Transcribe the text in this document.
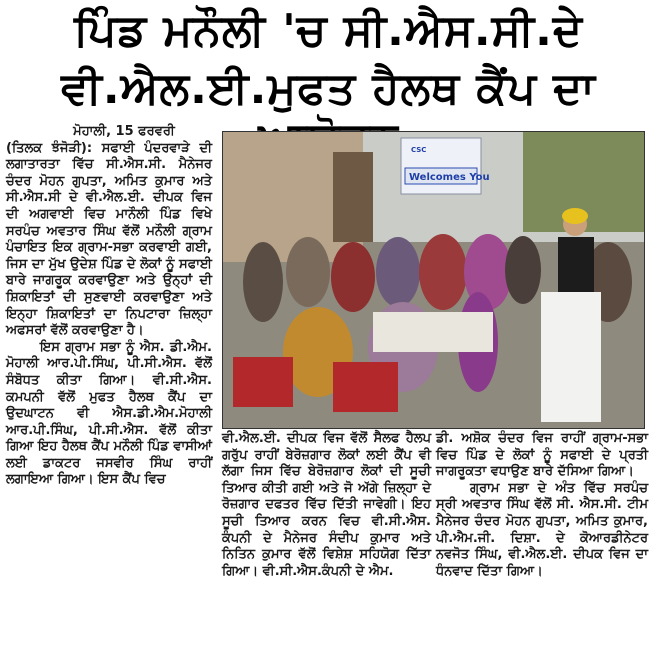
ਪਿੰਡ ਮਨੌਲੀ 'ਚ ਸੀ.ਐਸ.ਸੀ.ਦੇ
ਵੀ.ਐਲ.ਈ.ਮੁਫਤ ਹੈਲਥ ਕੈਂਪ ਦਾ

ਮੋਹਾਲੀ, 15 ਫਰਵਰੀ

(ਤਿਲਕ ਝੰਜੋੜੀ): ਸਫਾਈ ਪੰਦਰਵਾੜੇ ਦੀ ਲਗਾਤਾਰਤਾ ਵਿੱਚ ਸੀ.ਐਸ.ਸੀ. ਮੈਨੇਜਰ ਚੰਦਰ ਮੋਹਨ ਗੁਪਤਾ, ਅਮਿਤ ਕੁਮਾਰ ਅਤੇ ਸੀ.ਐਸ.ਸੀ ਦੇ ਵੀ.ਐਲ.ਈ. ਦੀਪਕ ਵਿਜ ਦੀ ਅਗਵਾਈ ਵਿਚ ਮਾਨੌਲੀ ਪਿੰਡ ਵਿਖੇ ਸਰਪੰਚ ਅਵਤਾਰ ਸਿੰਘ ਵੱਲੋਂ ਮਨੌਲੀ ਗ੍ਰਾਮ ਪੰਚਾਇਤ ਇਕ ਗ੍ਰਾਮ-ਸਭਾ ਕਰਵਾਈ ਗਈ, ਜਿਸ ਦਾ ਮੁੱਖ ਉਦੇਸ਼ ਪਿੰਡ ਦੇ ਲੋਕਾਂ ਨੂੰ ਸਫਾਈ ਬਾਰੇ ਜਾਗਰੂਕ ਕਰਵਾਉਣਾ ਅਤੇ ਉਨ੍ਹਾਂ ਦੀ ਸ਼ਿਕਾਇਤਾਂ ਦੀ ਸੁਣਵਾਈ ਕਰਵਾਉਣਾ ਅਤੇ ਇਨ੍ਹਾ ਸ਼ਿਕਾਇਤਾਂ ਦਾ ਨਿਪਟਾਰਾ ਜ਼ਿਲ੍ਹਾ ਅਫਸਰਾਂ ਵੱਲੋਂ ਕਰਵਾਉਣਾ ਹੈ।

ਇਸ ਗ੍ਰਾਮ ਸਭਾ ਨੂੰ ਐਸ. ਡੀ.ਐਮ. ਮੋਹਾਲੀ ਆਰ.ਪੀ.ਸਿੰਘ, ਪੀ.ਸੀ.ਐਸ. ਵੱਲੋਂ ਸੰਬੋਧਤ ਕੀਤਾ ਗਿਆ। ਵੀ.ਸੀ.ਐਸ. ਕਮਪਨੀ ਵੱਲੋਂ ਮੁਫਤ ਹੈਲਥ ਕੈਂਪ ਦਾ ਉਦਘਾਟਨ ਵੀ ਐਸ.ਡੀ.ਐਮ.ਮੋਹਾਲੀ ਆਰ.ਪੀ.ਸਿੰਘ, ਪੀ.ਸੀ.ਐਸ. ਵੱਲੋਂ ਕੀਤਾ ਗਿਆ ਇਹ ਹੈਲਥ ਕੈਂਪ ਮਨੌਲੀ ਪਿੰਡ ਵਾਸੀਆਂ ਲਈ ਡਾਕਟਰ ਜਸਵੀਰ ਸਿੰਘ ਰਾਹੀਂ ਲਗਾਇਆ ਗਿਆ। ਇਸ ਕੈਂਪ ਵਿਚ

CSC
Welcomes You

ਵੀ.ਐਲ.ਈ. ਦੀਪਕ ਵਿਜ ਵੱਲੋਂ ਸੈਲਫ ਹੈਲਪ ਗਰੁੱਪ ਰਾਹੀਂ ਬੇਰੋਜ਼ਗਾਰ ਲੋਕਾਂ ਲਈ ਕੈਂਪ ਵੀ ਲੱਗਾ ਜਿਸ ਵਿੱਚ ਬੇਰੋਜ਼ਗਾਰ ਲੋਕਾਂ ਦੀ ਸੂਚੀ ਤਿਆਰ ਕੀਤੀ ਗਈ ਅਤੇ ਜੋ ਅੱਗੇ ਜ਼ਿਲ੍ਹਾ ਦੇ ਰੋਜ਼ਗਾਰ ਦਫਤਰ ਵਿੱਚ ਦਿੱਤੀ ਜਾਵੇਗੀ। ਇਹ ਸੂਚੀ ਤਿਆਰ ਕਰਨ ਵਿਚ ਵੀ.ਸੀ.ਐਸ. ਕੰਪਨੀ ਦੇ ਮੈਨੇਜਰ ਸੰਦੀਪ ਕੁਮਾਰ ਅਤੇ ਨਿਤਿਨ ਕੁਮਾਰ ਵੱਲੋਂ ਵਿਸ਼ੇਸ਼ ਸਹਿਯੋਗ ਦਿੱਤਾ ਗਿਆ। ਵੀ.ਸੀ.ਐਸ.ਕੰਪਨੀ ਦੇ ਐਮ.

ਡੀ. ਅਸ਼ੋਕ ਚੰਦਰ ਵਿਜ ਰਾਹੀਂ ਗ੍ਰਾਮ-ਸਭਾ ਵਿਚ ਪਿੰਡ ਦੇ ਲੋਕਾਂ ਨੂੰ ਸਫਾਈ ਦੇ ਪ੍ਰਤੀ ਜਾਗਰੂਕਤਾ ਵਧਾਉਣ ਬਾਰੇ ਦੱਸਿਆ ਗਿਆ।

ਗ੍ਰਾਮ ਸਭਾ ਦੇ ਅੰਤ ਵਿੱਚ ਸਰਪੰਚ ਸ੍ਰੀ ਅਵਤਾਰ ਸਿੰਘ ਵੱਲੋਂ ਸੀ. ਐਸ.ਸੀ. ਟੀਮ ਮੈਨੇਜਰ ਚੰਦਰ ਮੋਹਨ ਗੁਪਤਾ, ਅਮਿਤ ਕੁਮਾਰ, ਪੀ.ਐਮ.ਜੀ. ਦਿਸ਼ਾ. ਦੇ ਕੋਆਰਡੀਨੇਟਰ ਨਵਜੋਤ ਸਿੰਘ, ਵੀ.ਐਲ.ਈ. ਦੀਪਕ ਵਿਜ ਦਾ ਧੰਨਵਾਦ ਦਿੱਤਾ ਗਿਆ।
